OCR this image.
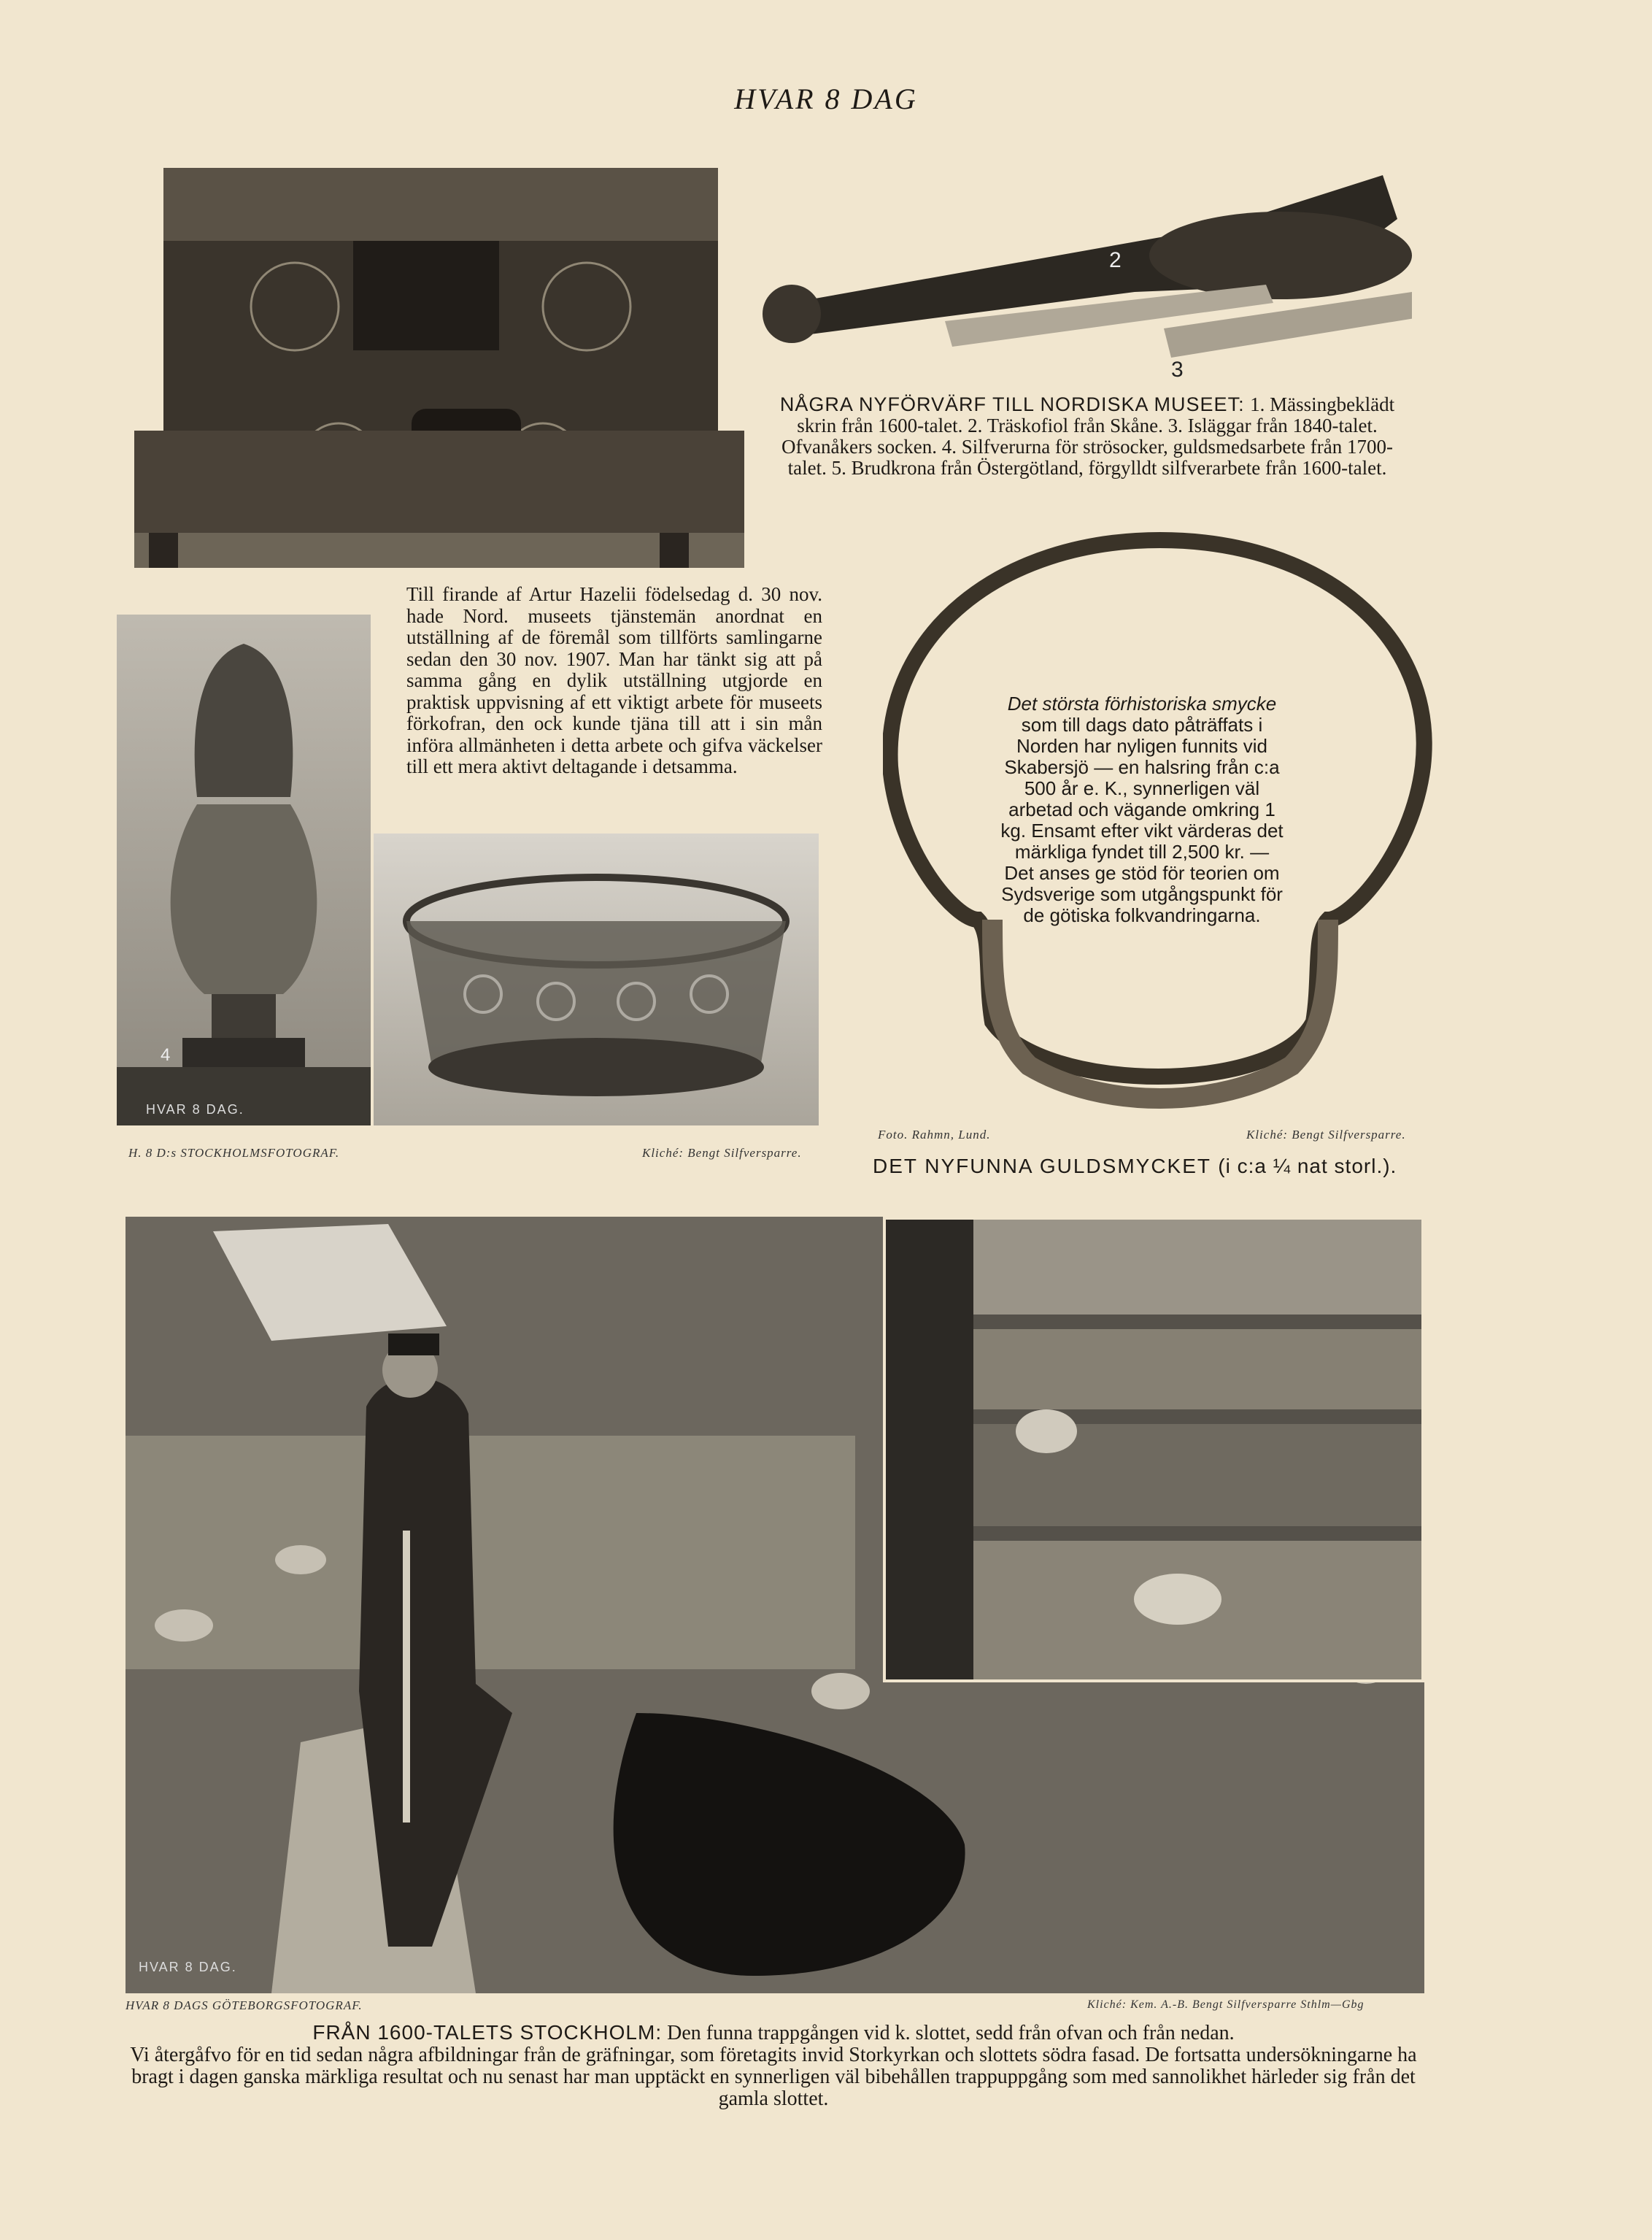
HVAR 8 DAG
2
3
NÅGRA NYFÖRVÄRF TILL NORDISKA MUSEET: 1. Mässingbeklädt skrin från 1600-talet. 2. Träskofiol från Skåne. 3. Isläggar från 1840-talet. Ofvanåkers socken. 4. Silfverurna för strösocker, guldsmedsarbete från 1700-talet. 5. Brudkrona från Östergötland, förgylldt silfverarbete från 1600-talet.
Till firande af Artur Hazelii födelsedag d. 30 nov. hade Nord. museets tjänstemän anordnat en utställning af de föremål som tillförts samlingarne sedan den 30 nov. 1907. Man har tänkt sig att på samma gång en dylik utställning utgjorde en praktisk uppvisning af ett viktigt arbete för museets förkofran, den ock kunde tjäna till att i sin mån införa allmänheten i detta arbete och gifva väckelser till ett mera aktivt deltagande i detsamma.
4
HVAR 8 DAG.
H. 8 D:s STOCKHOLMSFOTOGRAF.	Kliché: Bengt Silfversparre.
Det största förhistoriska smycke som till dags dato påträffats i Norden har nyligen funnits vid Skabersjö — en halsring från c:a 500 år e. K., synnerligen väl arbetad och vägande omkring 1 kg. Ensamt efter vikt värderas det märkliga fyndet till 2,500 kr. — Det anses ge stöd för teorien om Sydsverige som utgångspunkt för de götiska folkvandringarna.
Foto. Rahmn, Lund.	Kliché: Bengt Silfversparre.
DET NYFUNNA GULDSMYCKET (i c:a ¼ nat storl.).
HVAR 8 DAG.
HVAR 8 DAGS GÖTEBORGSFOTOGRAF.	Kliché: Kem. A.-B. Bengt Silfversparre Sthlm—Gbg
FRÅN 1600-TALETS STOCKHOLM: Den funna trappgången vid k. slottet, sedd från ofvan och från nedan.
Vi återgåfvo för en tid sedan några afbildningar från de gräfningar, som företagits invid Storkyrkan och slottets södra fasad. De fortsatta undersökningarne ha bragt i dagen ganska märkliga resultat och nu senast har man upptäckt en synnerligen väl bibehållen trappuppgång som med sannolikhet härleder sig från det gamla slottet.
